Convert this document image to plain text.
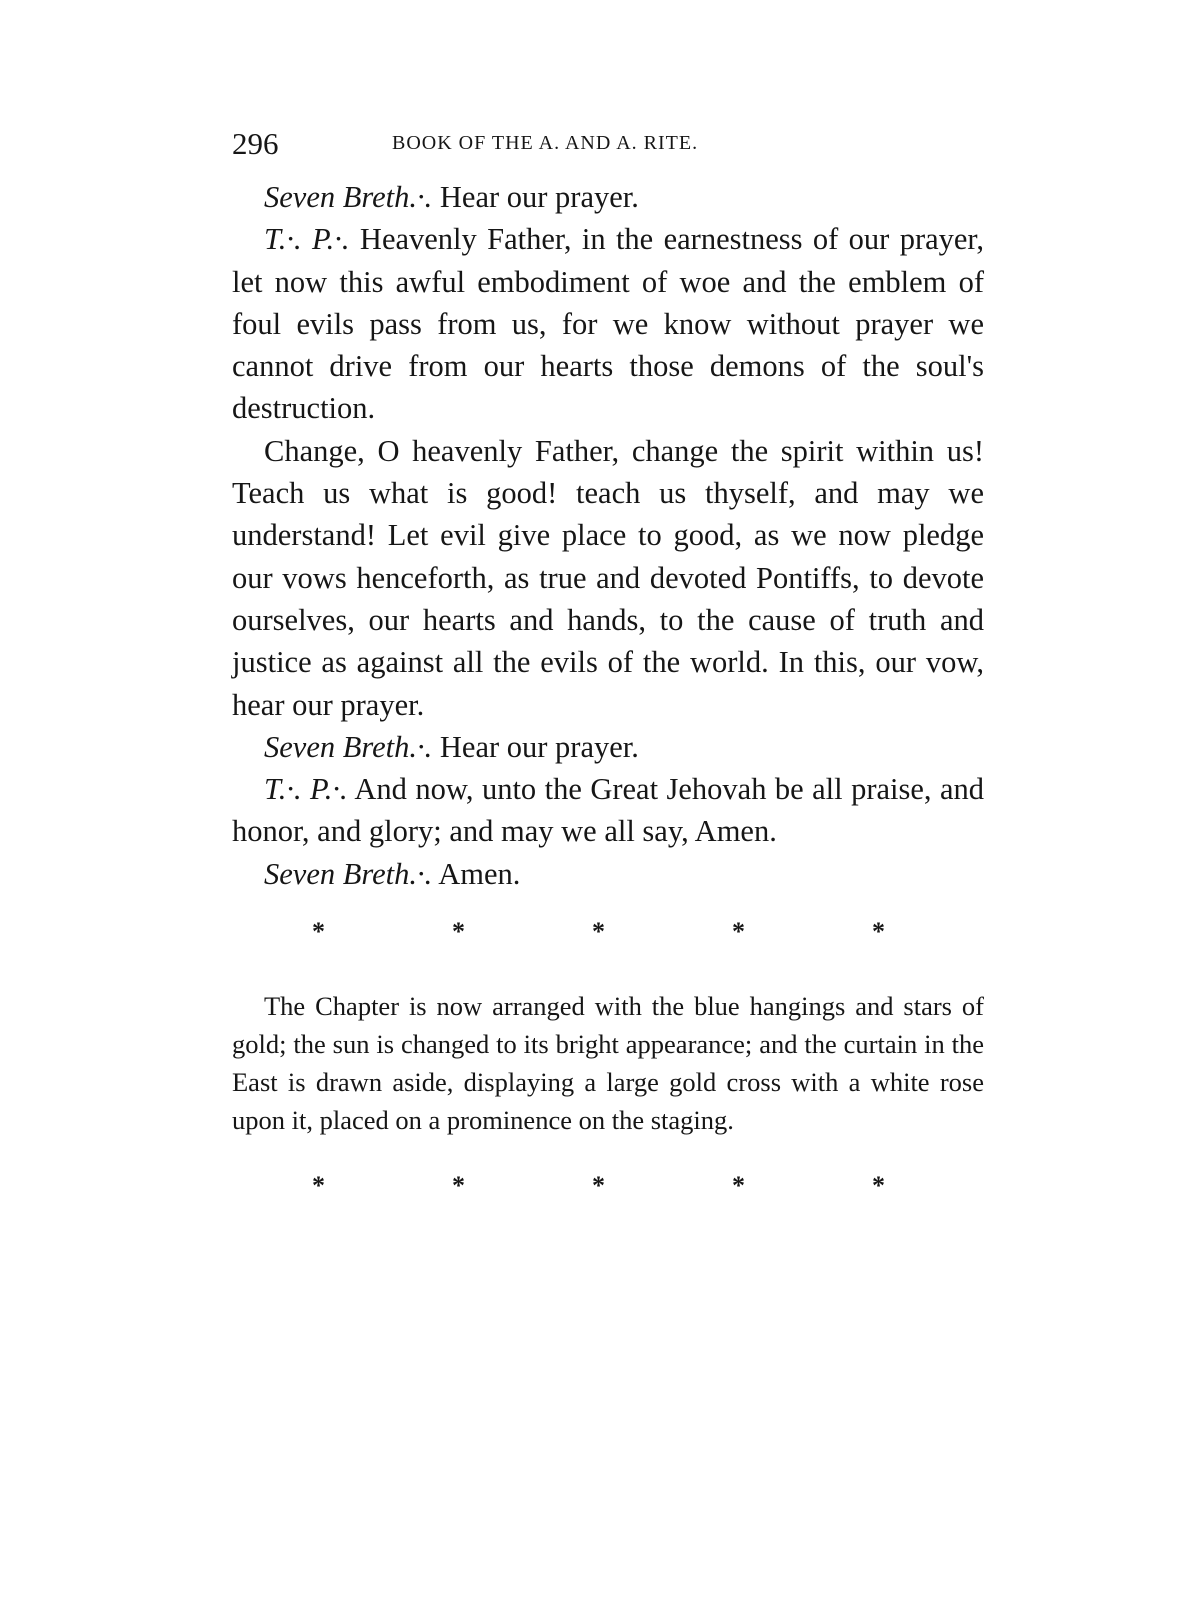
296	BOOK OF THE A. AND A. RITE.

Seven Breth.·. Hear our prayer.

T.·. P.·. Heavenly Father, in the earnestness of our prayer, let now this awful embodiment of woe and the emblem of foul evils pass from us, for we know without prayer we cannot drive from our hearts those demons of the soul's destruction.

Change, O heavenly Father, change the spirit within us! Teach us what is good! teach us thyself, and may we understand! Let evil give place to good, as we now pledge our vows henceforth, as true and devoted Pontiffs, to devote ourselves, our hearts and hands, to the cause of truth and justice as against all the evils of the world. In this, our vow, hear our prayer.

Seven Breth.·. Hear our prayer.

T.·. P.·. And now, unto the Great Jehovah be all praise, and honor, and glory; and may we all say, Amen.

Seven Breth.·. Amen.

*	*	*	*	*

The Chapter is now arranged with the blue hangings and stars of gold; the sun is changed to its bright appearance; and the curtain in the East is drawn aside, displaying a large gold cross with a white rose upon it, placed on a prominence on the staging.

*	*	*	*	*
